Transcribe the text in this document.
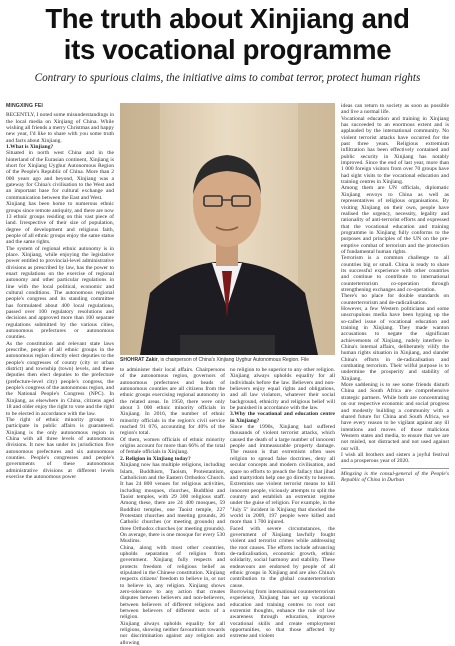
The truth about Xinjiang and
its vocational programme
Contrary to spurious claims, the initiative aims to combat terror, protect human rights
MINGXING FEI

RECENTLY, I noted some misunderstandings in the local media on Xinjiang of China. While wishing all friends a merry Christmas and happy new year, I'd like to share with you some truth and facts about Xinjiang.

1.What is Xinjiang?

Situated in north west China and in the hinterland of the Eurasian continent, Xinjiang is short for Xinjiang Uyghur Autonomous Region of the People's Republic of China. More than 2 000 years ago and beyond, Xinjiang was a gateway for China's civilisation to the West and an important base for cultural exchange and communication between the East and West.

Xinjiang has been home to numerous ethnic groups since remote antiquity, and there are now 13 ethnic groups residing on this vast piece of land. Irrespective of their size of population, degree of development and religious faith, people of all ethnic groups enjoy the same status and the same rights.

The system of regional ethnic autonomy is in place. Xinjiang, while enjoying the legislative power entitled to provincial-level administrative divisions as prescribed by law, has the power to enact regulations on the exercise of regional autonomy and other particular regulations in line with the local political, economic and cultural conditions. The autonomous regional people's congress and its standing committee has formulated about 400 local regulations, passed over 100 regulatory resolutions and decisions and approved more than 100 separate regulations submitted by the various cities, autonomous prefectures or autonomous counties.

As the constitution and relevant state laws prescribe, people of all ethnic groups in the autonomous region directly elect deputies to the people's congresses of county (city or urban district) and township (town) levels, and these deputies then elect deputies to the prefecture (prefecture-level city) people's congress, the people's congress of the autonomous region, and the National People's Congress (NPC). In Xinjiang, as elsewhere in China, citizens aged 18 and older enjoy the right to vote and the right to be elected in accordance with the law.

The right of ethnic minority groups to participate in public affairs is guaranteed. Xinjiang is the only autonomous region in China with all three levels of autonomous divisions. It now has under its jurisdiction five autonomous prefectures and six autonomous counties. People's congresses and people's governments of these autonomous administrative divisions at different levels exercise the autonomous power

SHOHRAT Zakir, is chairperson of China's Xinjiang Uyghur Autonomous Region. File

to administer their local affairs. Chairpersons of the autonomous region, governors of autonomous prefectures and heads of autonomous counties are all citizens from the ethnic groups exercising regional autonomy in the related areas. In 1950, there were only about 3 000 ethnic minority officials in Xinjiang. In 2016, the number of ethnic minority officials in the region's civil service reached 91 076, accounting for 40% of the region's total.

Of them, women officials of ethnic minority origins account for more than 66% of the total of female officials in Xinjiang.

2. Religion in Xinjiang today?

Xinjiang now has multiple religions, including Islam, Buddhism, Taoism, Protestantism, Catholicism and the Eastern Orthodox Church. It has 24 800 venues for religious activities, including mosques, churches, Buddhist and Taoist temples, with 29 300 religious staff. Among these, there are 24 400 mosques, 59 Buddhist temples, one Taoist temple, 227 Protestant churches and meeting grounds, 26 Catholic churches (or meeting grounds) and three Orthodox churches (or meeting grounds). On average, there is one mosque for every 530 Muslims.

China, along with most other countries, upholds separation of religion from government. Xinjiang fully respects and protects freedom of religious belief as stipulated in the Chinese constitution. Xinjiang respects citizens' freedom to believe in, or not to believe in, any religion. Xinjiang shows zero-tolerance to any action that creates disputes between believers and non-believers, between believers of different religions and between believers of different sects of a religion.

Xinjiang always upholds equality for all religions, showing neither favouritism towards nor discrimination against any religion and allowing

no religion to be superior to any other religion. Xinjiang always upholds equality for all individuals before the law. Believers and non-believers enjoy equal rights and obligations, and all law violators, whatever their social background, ethnicity and religious belief will be punished in accordance with the law.

3.Why the vocational and education centre in Xinjiang?

Since the 1990s, Xinjiang had suffered thousands of violent terrorist attacks, which caused the death of a large number of innocent people and immeasurable property damage. The reason is that extremism often uses religion to spread false doctrines, deny all secular concepts and modern civilisation, and spare no efforts to preach the fallacy that jihad and martyrdom help one go directly to heaven. Extremists use violent terrorist means to kill innocent people, viciously attempts to split the country and establish an extremist regime under the guise of religion. For example, in the "July 5" incident in Xinjiang that shocked the world in 2009, 197 people were killed and more than 1 700 injured.

Faced with severe circumstances, the government of Xinjiang lawfully fought violent and terrorist crimes while addressing the root causes. The efforts include advancing de-radicalisation, economic growth, ethnic solidarity, social harmony and stability. These endeavours are endorsed by people of all ethnic groups in Xinjiang and are also China's contribution to the global counterterrorism cause.

Borrowing from international counterterrorism experience, Xinjiang has set up vocational education and training centres to root out extremist thoughts, enhance the rule of law awareness through education, improve vocational skills and create employment opportunities, so that those affected by extreme and violent

ideas can return to society as soon as possible and live a normal life.

Vocational education and training in Xinjiang has succeeded to an enormous extent and is applauded by the international community. No violent terrorist attacks have occurred for the past three years. Religious extremism infiltration has been effectively contained and public security in Xinjiang has notably improved. Since the end of last year, more than 1 000 foreign visitors from over 70 groups have had sight visits to the vocational education and training centres in Xinjiang.

Among them are UN officials, diplomatic Xinjiang envoys to China as well as representatives of religious organisations. By visiting Xinjiang on their own, people have realised the urgency, necessity, legality and rationality of anti-terrorist efforts and expressed that the vocational education and training programme in Xinjiang fully conforms to the purposes and principles of the UN on the pre-emptive combat of terrorism and the protection of fundamental human rights.

Terrorism is a common challenge to all countries big or small. China is ready to share its successful experience with other countries and continue to contribute to international counterterrorism co-operation through strengthening exchanges and co-operation.

There's no place for double standards on counterterrorism and de-radicalisation.

However, a few Western politicians and some unscrupulous media have been hyping up the so-called issue of vocational education and training in Xinjiang. They made wanton accusations to negate the significant achievements of Xinjiang, rudely interfere in China's internal affairs, deliberately vilify the human rights situation in Xinjiang, and slander China's efforts in de-radicalisation and combating terrorism. Their wilful purpose is to undermine the prosperity and stability of Xinjiang.

More saddening is to see some friends disturb China and South Africa are comprehensive strategic partners. While both are concentrating on our respective economic and social progress and modestly building a community with a shared future for China and South Africa, we have every reason to be vigilant against any ill intentions and moves of those malicious Western states and media, to ensure that we are not misled, not distracted and not used against our will.

I wish all brothers and sisters a joyful festival and a prosperous year of 2020.

Mingxing is the consul-general of the People's Republic of China in Durban
